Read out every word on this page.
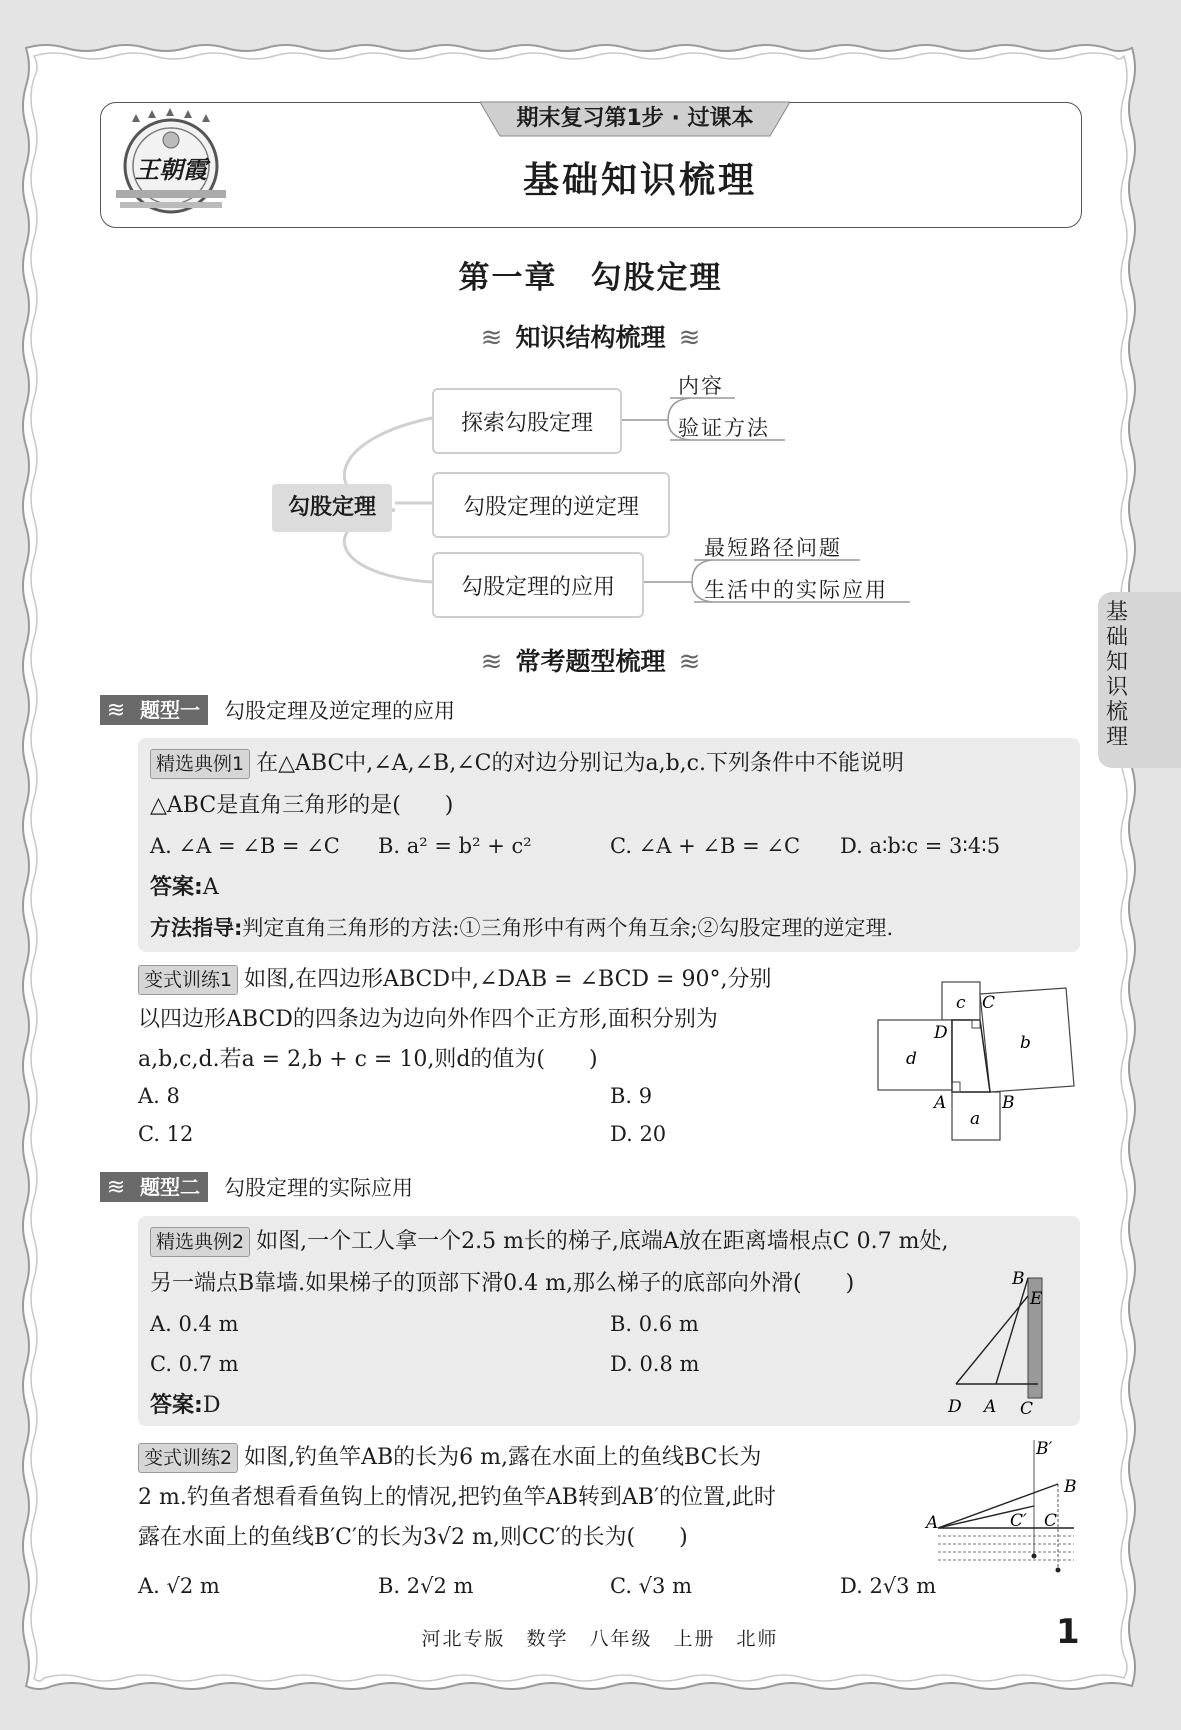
期末复习第1步 · 过课本
基础知识梳理
王朝霞
第一章　勾股定理
≋ 知识结构梳理 ≋
勾股定理
探索勾股定理
勾股定理的逆定理
勾股定理的应用
内容
验证方法
最短路径问题
生活中的实际应用
≋ 常考题型梳理 ≋
基础知识梳理
≋ 题型一	勾股定理及逆定理的应用
精选典例1 在△ABC中,∠A,∠B,∠C的对边分别记为a,b,c.下列条件中不能说明
△ABC是直角三角形的是(　　)
A. ∠A = ∠B = ∠C B. a² = b² + c²	C. ∠A + ∠B = ∠C D. a∶b∶c = 3∶4∶5
答案:A
方法指导:判定直角三角形的方法:①三角形中有两个角互余;②勾股定理的逆定理.
变式训练1 如图,在四边形ABCD中,∠DAB = ∠BCD = 90°,分别
以四边形ABCD的四条边为边向外作四个正方形,面积分别为
a,b,c,d.若a = 2,b + c = 10,则d的值为(　　)
A. 8	B. 9
C. 12	D. 20
c C
D	b
d
A	B
a
≋ 题型二	勾股定理的实际应用
精选典例2 如图,一个工人拿一个2.5 m长的梯子,底端A放在距离墙根点C 0.7 m处,
另一端点B靠墙.如果梯子的顶部下滑0.4 m,那么梯子的底部向外滑(　　)
A. 0.4 m	B. 0.6 m
C. 0.7 m	D. 0.8 m
答案:D
B
E
D A C
变式训练2 如图,钓鱼竿AB的长为6 m,露在水面上的鱼线BC长为
2 m.钓鱼者想看看鱼钩上的情况,把钓鱼竿AB转到AB′的位置,此时
露在水面上的鱼线B′C′的长为3√2 m,则CC′的长为(　　)
A. √2 m	B. 2√2 m	C. √3 m	D. 2√3 m
B′
B
A	C′ C
河北专版　数学　八年级　上册　北师	1
